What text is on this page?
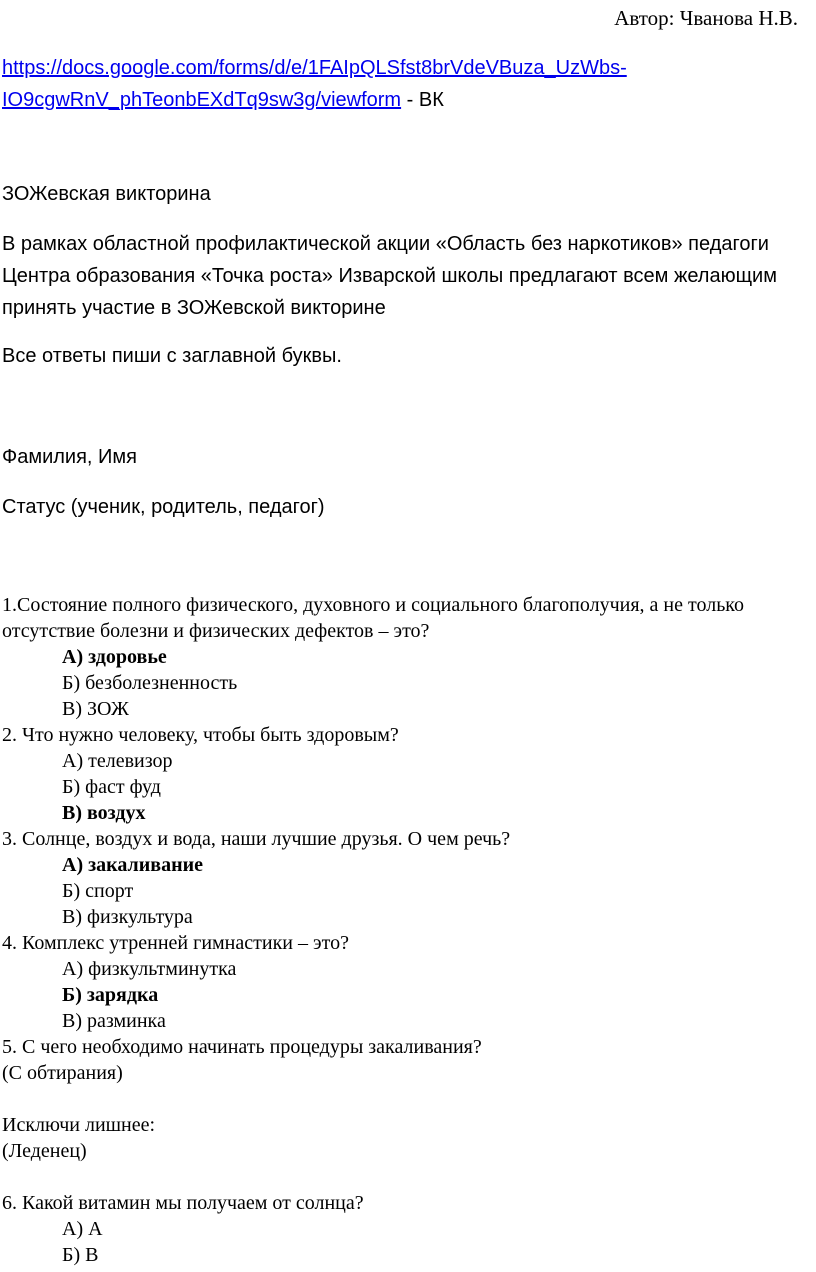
Автор: Чванова Н.В.
https://docs.google.com/forms/d/e/1FAIpQLSfst8brVdeVBuza_UzWbs-
IO9cgwRnV_phTeonbEXdTq9sw3g/viewform - ВК
ЗОЖевская викторина
В рамках областной профилактической акции «Область без наркотиков» педагоги Центра образования «Точка роста» Изварской школы предлагают всем желающим принять участие в ЗОЖевской викторине
Все ответы пиши с заглавной буквы.
Фамилия, Имя
Статус (ученик, родитель, педагог)

1.Состояние полного физического, духовного и социального благополучия, а не только отсутствие болезни и физических дефектов – это?

А) здоровье

Б) безболезненность

В) ЗОЖ

2. Что нужно человеку, чтобы быть здоровым?

А) телевизор

Б) фаст фуд

В) воздух

3. Солнце, воздух и вода, наши лучшие друзья. О чем речь?

А) закаливание

Б) спорт

В) физкультура

4. Комплекс утренней гимнастики – это?

А) физкультминутка

Б) зарядка

В) разминка

5. С чего необходимо начинать процедуры закаливания?

(С обтирания)

Исключи лишнее:

(Леденец)

6. Какой витамин мы получаем от солнца?

А) А

Б) В
